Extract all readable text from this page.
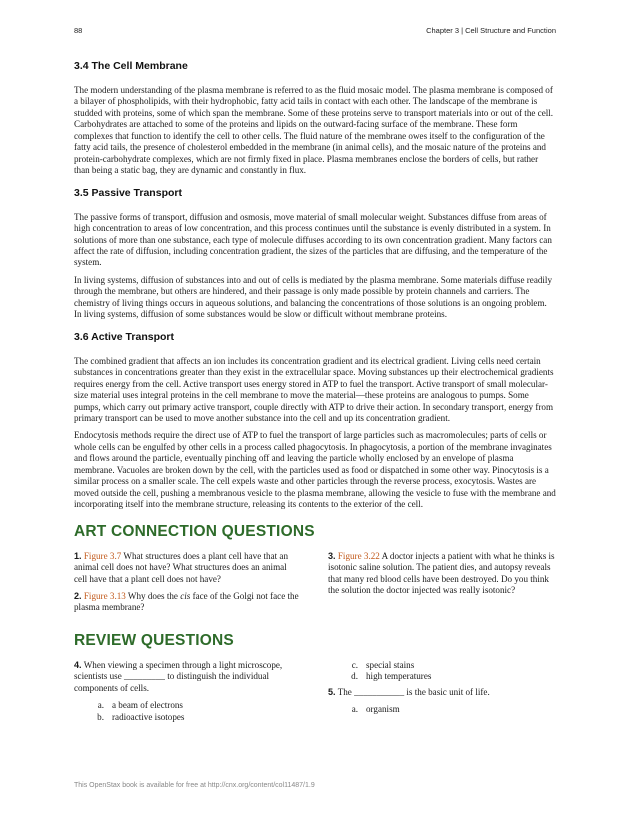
88	Chapter 3 | Cell Structure and Function
3.4 The Cell Membrane

The modern understanding of the plasma membrane is referred to as the fluid mosaic model. The plasma membrane is composed of a bilayer of phospholipids, with their hydrophobic, fatty acid tails in contact with each other. The landscape of the membrane is studded with proteins, some of which span the membrane. Some of these proteins serve to transport materials into or out of the cell. Carbohydrates are attached to some of the proteins and lipids on the outward-facing surface of the membrane. These form complexes that function to identify the cell to other cells. The fluid nature of the membrane owes itself to the configuration of the fatty acid tails, the presence of cholesterol embedded in the membrane (in animal cells), and the mosaic nature of the proteins and protein-carbohydrate complexes, which are not firmly fixed in place. Plasma membranes enclose the borders of cells, but rather than being a static bag, they are dynamic and constantly in flux.

3.5 Passive Transport

The passive forms of transport, diffusion and osmosis, move material of small molecular weight. Substances diffuse from areas of high concentration to areas of low concentration, and this process continues until the substance is evenly distributed in a system. In solutions of more than one substance, each type of molecule diffuses according to its own concentration gradient. Many factors can affect the rate of diffusion, including concentration gradient, the sizes of the particles that are diffusing, and the temperature of the system.

In living systems, diffusion of substances into and out of cells is mediated by the plasma membrane. Some materials diffuse readily through the membrane, but others are hindered, and their passage is only made possible by protein channels and carriers. The chemistry of living things occurs in aqueous solutions, and balancing the concentrations of those solutions is an ongoing problem. In living systems, diffusion of some substances would be slow or difficult without membrane proteins.

3.6 Active Transport

The combined gradient that affects an ion includes its concentration gradient and its electrical gradient. Living cells need certain substances in concentrations greater than they exist in the extracellular space. Moving substances up their electrochemical gradients requires energy from the cell. Active transport uses energy stored in ATP to fuel the transport. Active transport of small molecular-size material uses integral proteins in the cell membrane to move the material—these proteins are analogous to pumps. Some pumps, which carry out primary active transport, couple directly with ATP to drive their action. In secondary transport, energy from primary transport can be used to move another substance into the cell and up its concentration gradient.

Endocytosis methods require the direct use of ATP to fuel the transport of large particles such as macromolecules; parts of cells or whole cells can be engulfed by other cells in a process called phagocytosis. In phagocytosis, a portion of the membrane invaginates and flows around the particle, eventually pinching off and leaving the particle wholly enclosed by an envelope of plasma membrane. Vacuoles are broken down by the cell, with the particles used as food or dispatched in some other way. Pinocytosis is a similar process on a smaller scale. The cell expels waste and other particles through the reverse process, exocytosis. Wastes are moved outside the cell, pushing a membranous vesicle to the plasma membrane, allowing the vesicle to fuse with the membrane and incorporating itself into the membrane structure, releasing its contents to the exterior of the cell.

ART CONNECTION QUESTIONS
1. Figure 3.7 What structures does a plant cell have that an animal cell does not have? What structures does an animal cell have that a plant cell does not have?
2. Figure 3.13 Why does the cis face of the Golgi not face the plasma membrane?
3. Figure 3.22 A doctor injects a patient with what he thinks is isotonic saline solution. The patient dies, and autopsy reveals that many red blood cells have been destroyed. Do you think the solution the doctor injected was really isotonic?
REVIEW QUESTIONS
4. When viewing a specimen through a light microscope, scientists use _________ to distinguish the individual components of cells.
a. a beam of electrons
b. radioactive isotopes
c. special stains
d. high temperatures
5. The ___________ is the basic unit of life.
a. organism
This OpenStax book is available for free at http://cnx.org/content/col11487/1.9
